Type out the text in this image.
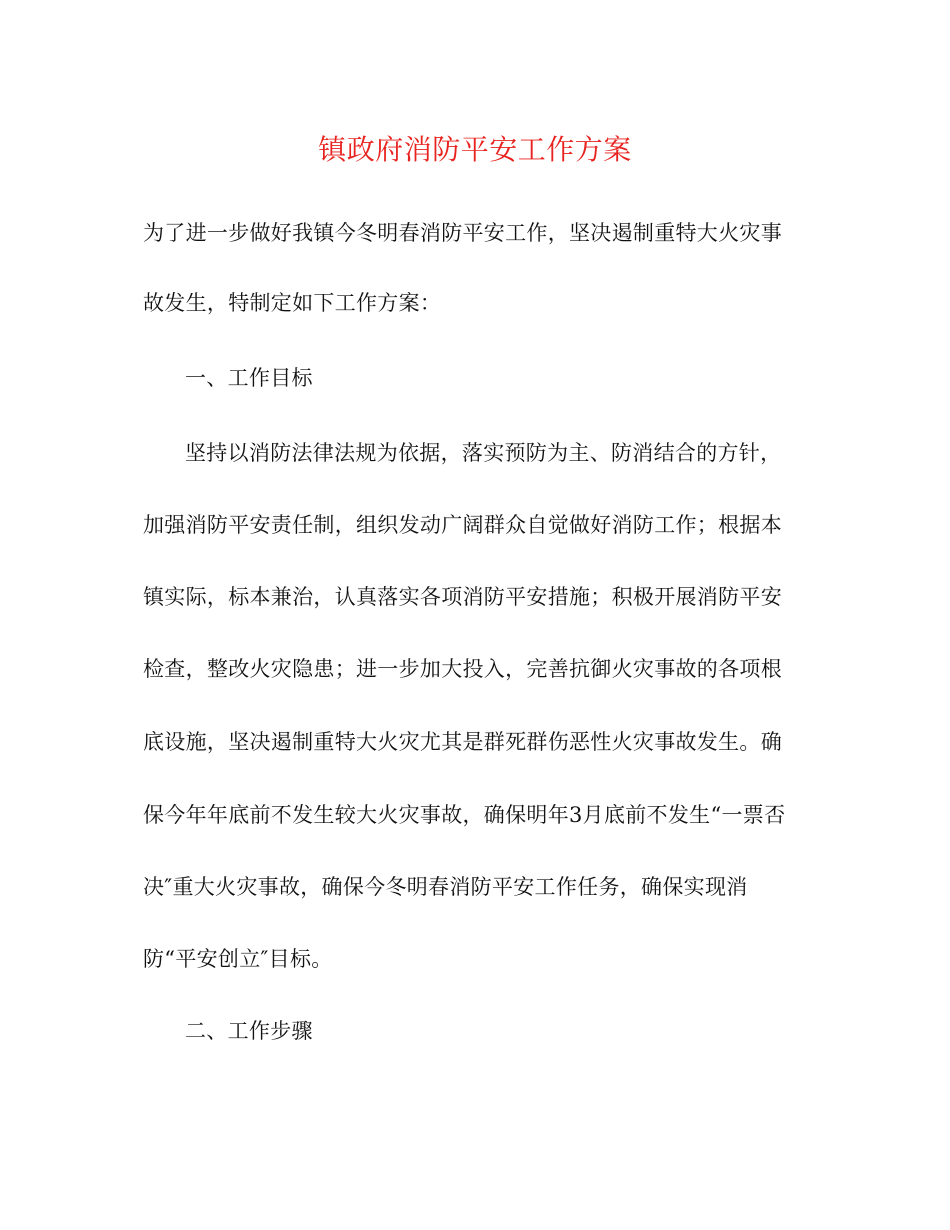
镇政府消防平安工作方案
为了进一步做好我镇今冬明春消防平安工作，坚决遏制重特大火灾事
故发生，特制定如下工作方案：
一、工作目标
坚持以消防法律法规为依据，落实预防为主、防消结合的方针，
加强消防平安责任制，组织发动广阔群众自觉做好消防工作；根据本
镇实际，标本兼治，认真落实各项消防平安措施；积极开展消防平安
检查，整改火灾隐患；进一步加大投入，完善抗御火灾事故的各项根
底设施，坚决遏制重特大火灾尤其是群死群伤恶性火灾事故发生。确
保今年年底前不发生较大火灾事故，确保明年3月底前不发生“一票否
决″重大火灾事故，确保今冬明春消防平安工作任务，确保实现消
防“平安创立″目标。
二、工作步骤
